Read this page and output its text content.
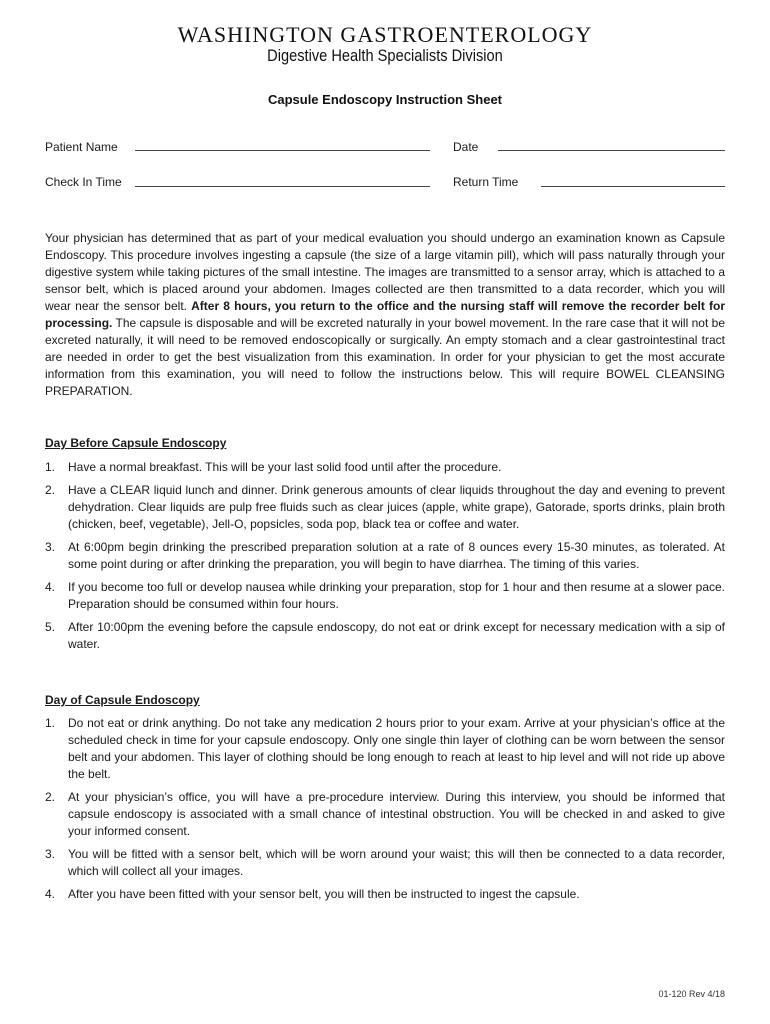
WASHINGTON GASTROENTEROLOGY
Digestive Health Specialists Division
Capsule Endoscopy Instruction Sheet
Patient Name	Date
Check In Time	Return Time

Your physician has determined that as part of your medical evaluation you should undergo an examination known as Capsule Endoscopy. This procedure involves ingesting a capsule (the size of a large vitamin pill), which will pass naturally through your digestive system while taking pictures of the small intestine. The images are transmitted to a sensor array, which is attached to a sensor belt, which is placed around your abdomen. Images collected are then transmitted to a data recorder, which you will wear near the sensor belt. After 8 hours, you return to the office and the nursing staff will remove the recorder belt for processing. The capsule is disposable and will be excreted naturally in your bowel movement. In the rare case that it will not be excreted naturally, it will need to be removed endoscopically or surgically. An empty stomach and a clear gastrointestinal tract are needed in order to get the best visualization from this examination. In order for your physician to get the most accurate information from this examination, you will need to follow the instructions below. This will require BOWEL CLEANSING PREPARATION.

Day Before Capsule Endoscopy

1. Have a normal breakfast. This will be your last solid food until after the procedure.
2. Have a CLEAR liquid lunch and dinner. Drink generous amounts of clear liquids throughout the day and evening to prevent dehydration. Clear liquids are pulp free fluids such as clear juices (apple, white grape), Gatorade, sports drinks, plain broth (chicken, beef, vegetable), Jell-O, popsicles, soda pop, black tea or coffee and water.
3. At 6:00pm begin drinking the prescribed preparation solution at a rate of 8 ounces every 15-30 minutes, as tolerated. At some point during or after drinking the preparation, you will begin to have diarrhea. The timing of this varies.
4. If you become too full or develop nausea while drinking your preparation, stop for 1 hour and then resume at a slower pace. Preparation should be consumed within four hours.
5. After 10:00pm the evening before the capsule endoscopy, do not eat or drink except for necessary medication with a sip of water.

Day of Capsule Endoscopy

1. Do not eat or drink anything. Do not take any medication 2 hours prior to your exam. Arrive at your physician’s office at the scheduled check in time for your capsule endoscopy. Only one single thin layer of clothing can be worn between the sensor belt and your abdomen. This layer of clothing should be long enough to reach at least to hip level and will not ride up above the belt.
2. At your physician’s office, you will have a pre-procedure interview. During this interview, you should be informed that capsule endoscopy is associated with a small chance of intestinal obstruction. You will be checked in and asked to give your informed consent.
3. You will be fitted with a sensor belt, which will be worn around your waist; this will then be connected to a data recorder, which will collect all your images.
4. After you have been fitted with your sensor belt, you will then be instructed to ingest the capsule.
01-120 Rev 4/18
